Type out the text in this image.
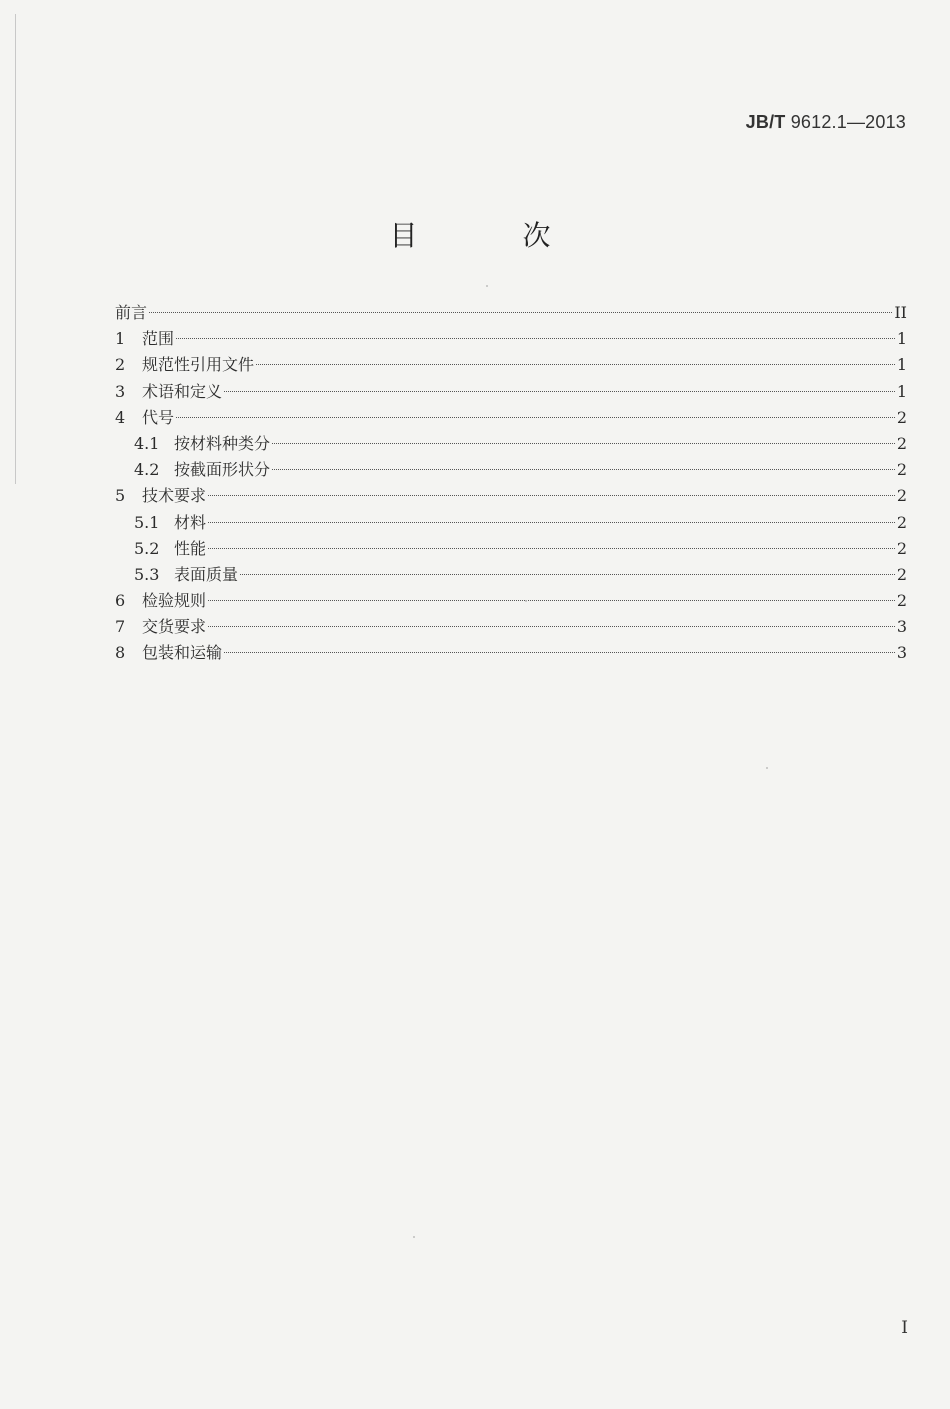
JB/T 9612.1—2013
目 次
前言	II
1	范围	1
2	规范性引用文件	1
3	术语和定义	1
4	代号	2
4.1 按材料种类分	2
4.2 按截面形状分	2
5	技术要求	2
5.1 材料	2
5.2 性能	2
5.3 表面质量	2
6	检验规则	2
7	交货要求	3
8	包装和运输	3
I
